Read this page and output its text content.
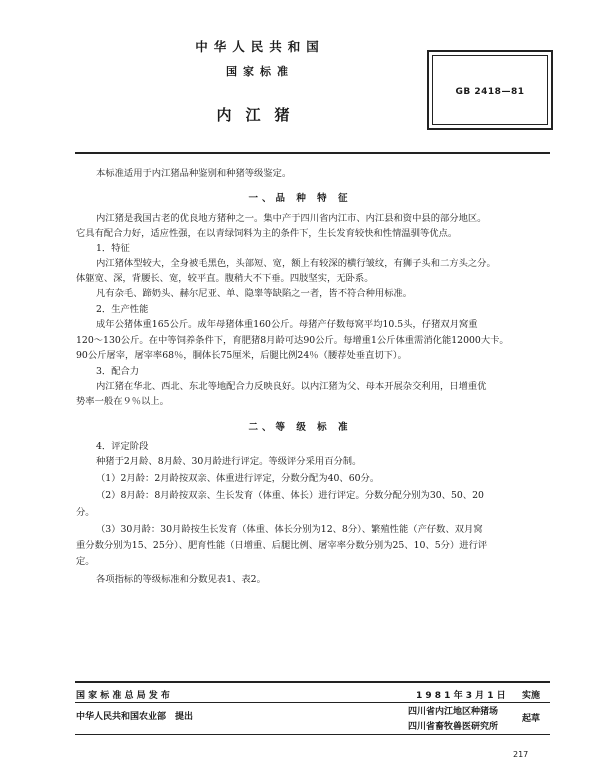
中华人民共和国
国家标准
内江猪
GB 2418—81
本标准适用于内江猪品种鉴别和种猪等级鉴定。
一、品 种 特 征
内江猪是我国古老的优良地方猪种之一。集中产于四川省内江市、内江县和资中县的部分地区。
它具有配合力好，适应性强，在以青绿饲料为主的条件下，生长发育较快和性情温驯等优点。
1．特征
内江猪体型较大，全身被毛黑色，头部短、宽，额上有较深的横行皱纹，有狮子头和二方头之分。
体躯宽、深，背腰长、宽，较平直。腹稍大不下垂。四肢坚实，无卧系。
凡有杂毛、蹄奶头、赫尔尼亚、单、隐睾等缺陷之一者，皆不符合种用标准。
2．生产性能
成年公猪体重165公斤。成年母猪体重160公斤。母猪产仔数每窝平均10.5头，仔猪双月窝重
120～130公斤。在中等饲养条件下，育肥猪8月龄可达90公斤。每增重1公斤体重需消化能12000大卡。
90公斤屠宰，屠宰率68％，胴体长75厘米，后腿比例24％（腰荐处垂直切下）。
3．配合力
内江猪在华北、西北、东北等地配合力反映良好。以内江猪为父、母本开展杂交利用，日增重优
势率一般在９％以上。
二、等 级 标 准
4．评定阶段
种猪于2月龄、8月龄、30月龄进行评定。等级评分采用百分制。
（1）2月龄：2月龄按双亲、体重进行评定，分数分配为40、60分。
（2）8月龄：8月龄按双亲、生长发育（体重、体长）进行评定。分数分配分别为30、50、20
分。
（3）30月龄：30月龄按生长发育（体重、体长分别为12、8分）、繁殖性能（产仔数、双月窝
重分数分别为15、25分）、肥育性能（日增重、后腿比例、屠宰率分数分别为25、10、5分）进行评
定。
各项指标的等级标准和分数见表1、表2。
国 家 标 准 总 局 发 布	1 9 8 1 年 3 月 1 日 实施
中华人民共和国农业部　提出	四川省内江地区种猪场
四川省畜牧兽医研究所
起草
217
